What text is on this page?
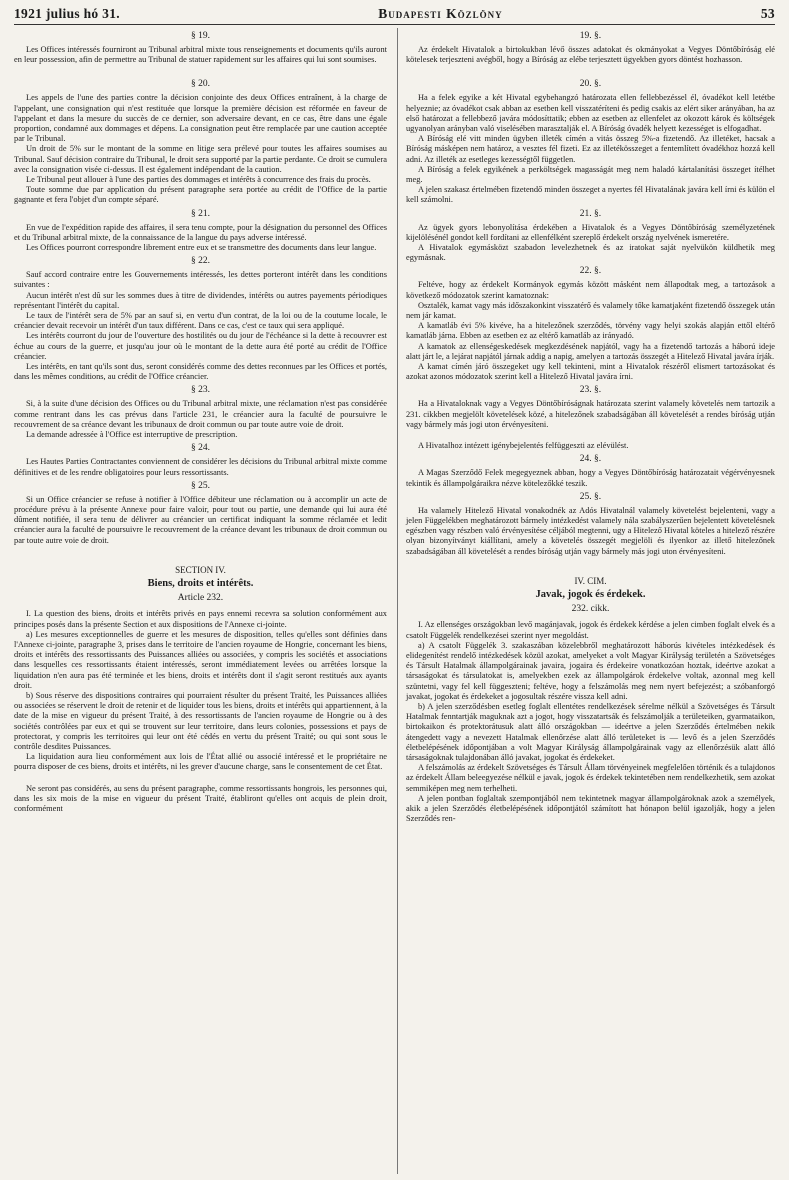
1921 julius hó 31.	Budapesti Közlöny	53
§ 19.
Les Offices intéressés fourniront au Tribunal arbitral mixte tous renseignements et documents qu'ils auront en leur possession, afin de permettre au Tribunal de statuer rapidement sur les affaires qui lui sont soumises.
§ 20.
Les appels de l'une des parties contre la décision conjointe des deux Offices entraînent, à la charge de l'appelant, une consignation qui n'est restituée que lorsque la première décision est réformée en faveur de l'appelant et dans la mesure du succès de ce dernier, son adversaire devant, en ce cas, être dans une égale proportion, condamné aux dommages et dépens. La consignation peut être remplacée par une caution acceptée par le Tribunal.
Un droit de 5% sur le montant de la somme en litige sera prélevé pour toutes les affaires soumises au Tribunal. Sauf décision contraire du Tribunal, le droit sera supporté par la partie perdante. Ce droit se cumulera avec la consignation visée ci-dessus. Il est également indépendant de la caution.
Le Tribunal peut allouer à l'une des parties des dommages et intérêts à concurrence des frais du procès.
Toute somme due par application du présent paragraphe sera portée au crédit de l'Office de la partie gagnante et fera l'objet d'un compte séparé.
§ 21.
En vue de l'expédition rapide des affaires, il sera tenu compte, pour la désignation du personnel des Offices et du Tribunal arbitral mixte, de la connaissance de la langue du pays adverse intéressé.
Les Offices pourront correspondre librement entre eux et se transmettre des documents dans leur langue.
§ 22.
Sauf accord contraire entre les Gouvernements intéressés, les dettes porteront intérêt dans les conditions suivantes :
Aucun intérêt n'est dû sur les sommes dues à titre de dividendes, intérêts ou autres payements périodiques représentant l'intérêt du capital.
Le taux de l'intérêt sera de 5% par an sauf si, en vertu d'un contrat, de la loi ou de la coutume locale, le créancier devait recevoir un intérêt d'un taux différent. Dans ce cas, c'est ce taux qui sera appliqué.
Les intérêts courront du jour de l'ouverture des hostilités ou du jour de l'échéance si la dette à recouvrer est échue au cours de la guerre, et jusqu'au jour où le montant de la dette aura été porté au crédit de l'Office créancier.
Les intérêts, en tant qu'ils sont dus, seront considérés comme des dettes reconnues par les Offices et portés, dans les mêmes conditions, au crédit de l'Office créancier.
§ 23.
Si, à la suite d'une décision des Offices ou du Tribunal arbitral mixte, une réclamation n'est pas considérée comme rentrant dans les cas prévus dans l'article 231, le créancier aura la faculté de poursuivre le recouvrement de sa créance devant les tribunaux de droit commun ou par toute autre voie de droit.
La demande adressée à l'Office est interruptive de prescription.
§ 24.
Les Hautes Parties Contractantes conviennent de considérer les décisions du Tribunal arbitral mixte comme définitives et de les rendre obligatoires pour leurs ressortissants.
§ 25.
Si un Office créancier se refuse à notifier à l'Office débiteur une réclamation ou à accomplir un acte de procédure prévu à la présente Annexe pour faire valoir, pour tout ou partie, une demande qui lui aura été dûment notifiée, il sera tenu de délivrer au créancier un certificat indiquant la somme réclamée et ledit créancier aura la faculté de poursuivre le recouvrement de la créance devant les tribunaux de droit commun ou par toute autre voie de droit.
SECTION IV.
Biens, droits et intérêts.
Article 232.
I. La question des biens, droits et intérêts privés en pays ennemi recevra sa solution conformément aux principes posés dans la présente Section et aux dispositions de l'Annexe ci-jointe.
a) Les mesures exceptionnelles de guerre et les mesures de disposition, telles qu'elles sont définies dans l'Annexe ci-jointe, paragraphe 3, prises dans le territoire de l'ancien royaume de Hongrie, concernant les biens, droits et intérêts des ressortissants des Puissances alliées ou associées, y compris les sociétés et associations dans lesquelles ces ressortissants étaient intéressés, seront immédiatement levées ou arrêtées lorsque la liquidation n'en aura pas été terminée et les biens, droits et intérêts dont il s'agit seront restitués aux ayants droit.
b) Sous réserve des dispositions contraires qui pourraient résulter du présent Traité, les Puissances alliées ou associées se réservent le droit de retenir et de liquider tous les biens, droits et intérêts qui appartiennent, à la date de la mise en vigueur du présent Traité, à des ressortissants de l'ancien royaume de Hongrie ou à des sociétés contrôlées par eux et qui se trouvent sur leur territoire, dans leurs colonies, possessions et pays de protectorat, y compris les territoires qui leur ont été cédés en vertu du présent Traité; ou qui sont sous le contrôle desdites Puissances.
La liquidation aura lieu conformément aux lois de l'État allié ou associé intéressé et le propriétaire ne pourra disposer de ces biens, droits et intérêts, ni les grever d'aucune charge, sans le consentement de cet État.
Ne seront pas considérés, au sens du présent paragraphe, comme ressortissants hongrois, les personnes qui, dans les six mois de la mise en vigueur du présent Traité, établiront qu'elles ont acquis de plein droit, conformément
19. §.
Az érdekelt Hivatalok a birtokukban lévő összes adatokat és okmányokat a Vegyes Döntőbíróság elé kötelesek terjeszteni avégből, hogy a Bíróság az elébe terjesztett ügyekben gyors döntést hozhasson.
20. §.
Ha a felek egyike a két Hivatal egybehangzó határozata ellen fellebbezéssel él, óvadékot kell letétbe helyeznie; az óvadékot csak abban az esetben kell visszatéríteni és pedig csakis az elért siker arányában, ha az első határozat a fellebbező javára módosíttatik; ebben az esetben az ellenfelet az okozott károk és költségek ugyanolyan arányban való viselésében marasztalják el. A Bíróság óvadék helyett kezességet is elfogadhat.
A Bíróság elé vitt minden ügyben illeték címén a vitás összeg 5%-a fizetendő. Az illetéket, hacsak a Bíróság másképen nem határoz, a vesztes fél fizeti. Ez az illetékösszeget a fentemlített óvadékhoz hozzá kell adni. Az illeték az esetleges kezességtől független.
A Bíróság a felek egyikének a perköltségek magasságát meg nem haladó kártalanítási összeget ítélhet meg.
A jelen szakasz értelmében fizetendő minden összeget a nyertes fél Hivatalának javára kell írni és külön el kell számolni.
21. §.
Az ügyek gyors lebonyolítása érdekében a Hivatalok és a Vegyes Döntőbíróság személyzetének kijelölésénél gondot kell fordítani az ellenfélként szereplő érdekelt ország nyelvének ismeretére.
A Hivatalok egymásközt szabadon levelezhetnek és az iratokat saját nyelvükön küldhetik meg egymásnak.
22. §.
Feltéve, hogy az érdekelt Kormányok egymás között másként nem állapodtak meg, a tartozások a következő módozatok szerint kamatoznak:
Osztalék, kamat vagy más időszakonkint visszatérő és valamely tőke kamatjaként fizetendő összegek után nem jár kamat.
A kamatláb évi 5% kivéve, ha a hitelezőnek szerződés, törvény vagy helyi szokás alapján ettől eltérő kamatláb járna. Ebben az esetben ez az eltérő kamatláb az irányadó.
A kamatok az ellenségeskedések megkezdésének napjától, vagy ha a fizetendő tartozás a háború ideje alatt járt le, a lejárat napjától járnak addig a napig, amelyen a tartozás összegét a Hitelező Hivatal javára írják.
A kamat címén járó összegeket ugy kell tekinteni, mint a Hivatalok részéről elismert tartozásokat és azokat azonos módozatok szerint kell a Hitelező Hivatal javára írni.
23. §.
Ha a Hivataloknak vagy a Vegyes Döntőbíróságnak határozata szerint valamely követelés nem tartozik a 231. cikkben megjelölt követelések közé, a hitelezőnek szabadságában áll követelését a rendes bíróság utján vagy bármely más jogi uton érvényesíteni.
A Hivatalhoz intézett igénybejelentés felfüggeszti az elévülést.
24. §.
A Magas Szerződő Felek megegyeznek abban, hogy a Vegyes Döntőbíróság határozatait végérvényesnek tekintik és állampolgáraikra nézve kötelezőkké teszik.
25. §.
Ha valamely Hitelező Hivatal vonakodnék az Adós Hivatalnál valamely követelést bejelenteni, vagy a jelen Függelékben meghatározott bármely intézkedést valamely nála szabályszerűen bejelentett követelésnek egészben vagy részben való érvényesítése céljából megtenni, ugy a Hitelező Hivatal köteles a hitelező részére olyan bizonyítványt kiállítani, amely a követelés összegét megjelöli és ilyenkor az illető hitelezőnek szabadságában áll követelését a rendes bíróság utján vagy bármely más jogi uton érvényesíteni.
IV. CIM.
Javak, jogok és érdekek.
232. cikk.
I. Az ellenséges országokban levő magánjavak, jogok és érdekek kérdése a jelen cimben foglalt elvek és a csatolt Függelék rendelkezései szerint nyer megoldást.
a) A csatolt Függelék 3. szakaszában közelebbről meghatározott háborús kivételes intézkedések és elidegenítést rendelő intézkedések közül azokat, amelyeket a volt Magyar Királyság területén a Szövetséges és Társult Hatalmak állampolgárainak javaira, jogaira és érdekeire vonatkozóan hoztak, ideértve azokat a társaságokat és társulatokat is, amelyekben ezek az állampolgárok érdekelve voltak, azonnal meg kell szüntetni, vagy fel kell függeszteni; feltéve, hogy a felszámolás meg nem nyert befejezést; a szóbanforgó javakat, jogokat és érdekeket a jogosultak részére vissza kell adni.
b) A jelen szerződésben esetleg foglalt ellentétes rendelkezések sérelme nélkül a Szövetséges és Társult Hatalmak fenntartják maguknak azt a jogot, hogy visszatartsák és felszámolják a területeiken, gyarmataikon, birtokaikon és protektorátusuk alatt álló országokban — ideértve a jelen Szerződés értelmében nekik átengedett vagy a nevezett Hatalmak ellenőrzése alatt álló területeket is — levő és a jelen Szerződés életbelépésének időpontjában a volt Magyar Királyság állampolgárainak vagy az ellenőrzésük alatt álló társaságoknak tulajdonában álló javakat, jogokat és érdekeket.
A felszámolás az érdekelt Szövetséges és Társult Állam törvényeinek megfelelően történik és a tulajdonos az érdekelt Állam beleegyezése nélkül e javak, jogok és érdekek tekintetében nem rendelkezhetik, sem azokat semmiképen meg nem terhelheti.
A jelen pontban foglaltak szempontjából nem tekintetnek magyar állampolgároknak azok a személyek, akik a jelen Szerződés életbelépésének időpontjától számított hat hónapon belül igazolják, hogy a jelen Szerződés ren-
